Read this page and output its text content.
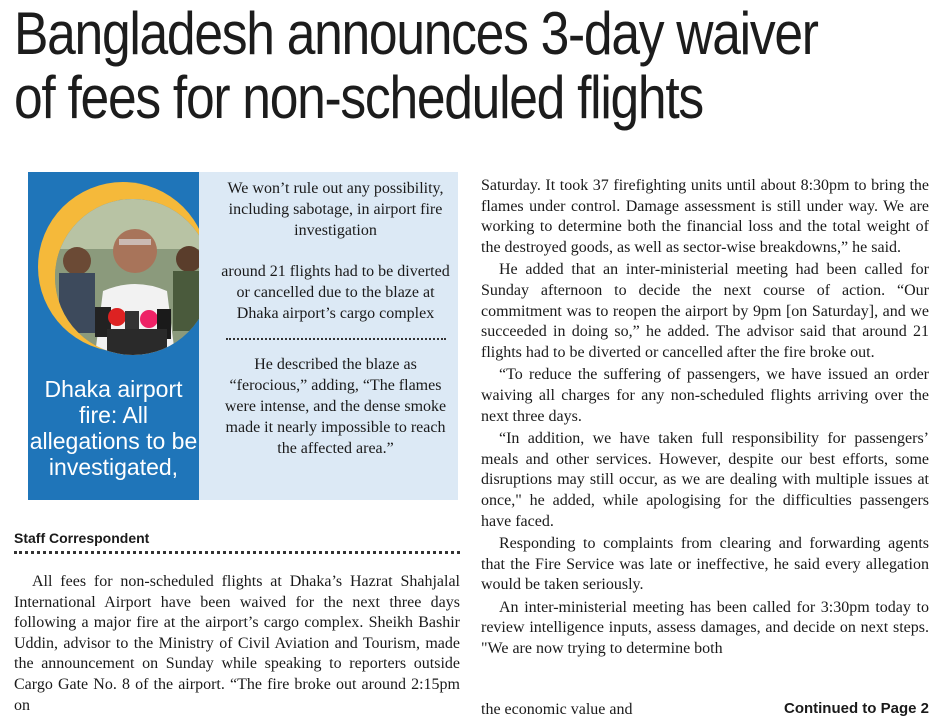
Bangladesh announces 3-day waiver
of fees for non-scheduled flights
Dhaka airport fire: All allegations to be investigated,

We won’t rule out any possibility, including sabotage, in airport fire investigation

around 21 flights had to be diverted or cancelled due to the blaze at Dhaka airport’s cargo complex

He described the blaze as “ferocious,” adding, “The flames were intense, and the dense smoke made it nearly impossible to reach the affected area.”

Staff Correspondent

All fees for non-scheduled flights at Dhaka’s Hazrat Shahjalal International Airport have been waived for the next three days following a major fire at the airport’s cargo complex. Sheikh Bashir Uddin, advisor to the Ministry of Civil Aviation and Tourism, made the announcement on Sunday while speaking to reporters outside Cargo Gate No. 8 of the airport. “The fire broke out around 2:15pm on

Saturday. It took 37 firefighting units until about 8:30pm to bring the flames under control. Damage assessment is still under way. We are working to determine both the financial loss and the total weight of the destroyed goods, as well as sector-wise breakdowns,” he said.

He added that an inter-ministerial meeting had been called for Sunday afternoon to decide the next course of action. “Our commitment was to reopen the airport by 9pm [on Saturday], and we succeeded in doing so,” he added. The advisor said that around 21 flights had to be diverted or cancelled after the fire broke out.

“To reduce the suffering of passengers, we have issued an order waiving all charges for any non-scheduled flights arriving over the next three days.

“In addition, we have taken full responsibility for passengers’ meals and other services. However, despite our best efforts, some disruptions may still occur, as we are dealing with multiple issues at once," he added, while apologising for the difficulties passengers have faced.

Responding to complaints from clearing and forwarding agents that the Fire Service was late or ineffective, he said every allegation would be taken seriously.

An inter-ministerial meeting has been called for 3:30pm today to review intelligence inputs, assess damages, and decide on next steps. "We are now trying to determine both

the economic value and	Continued to Page 2
